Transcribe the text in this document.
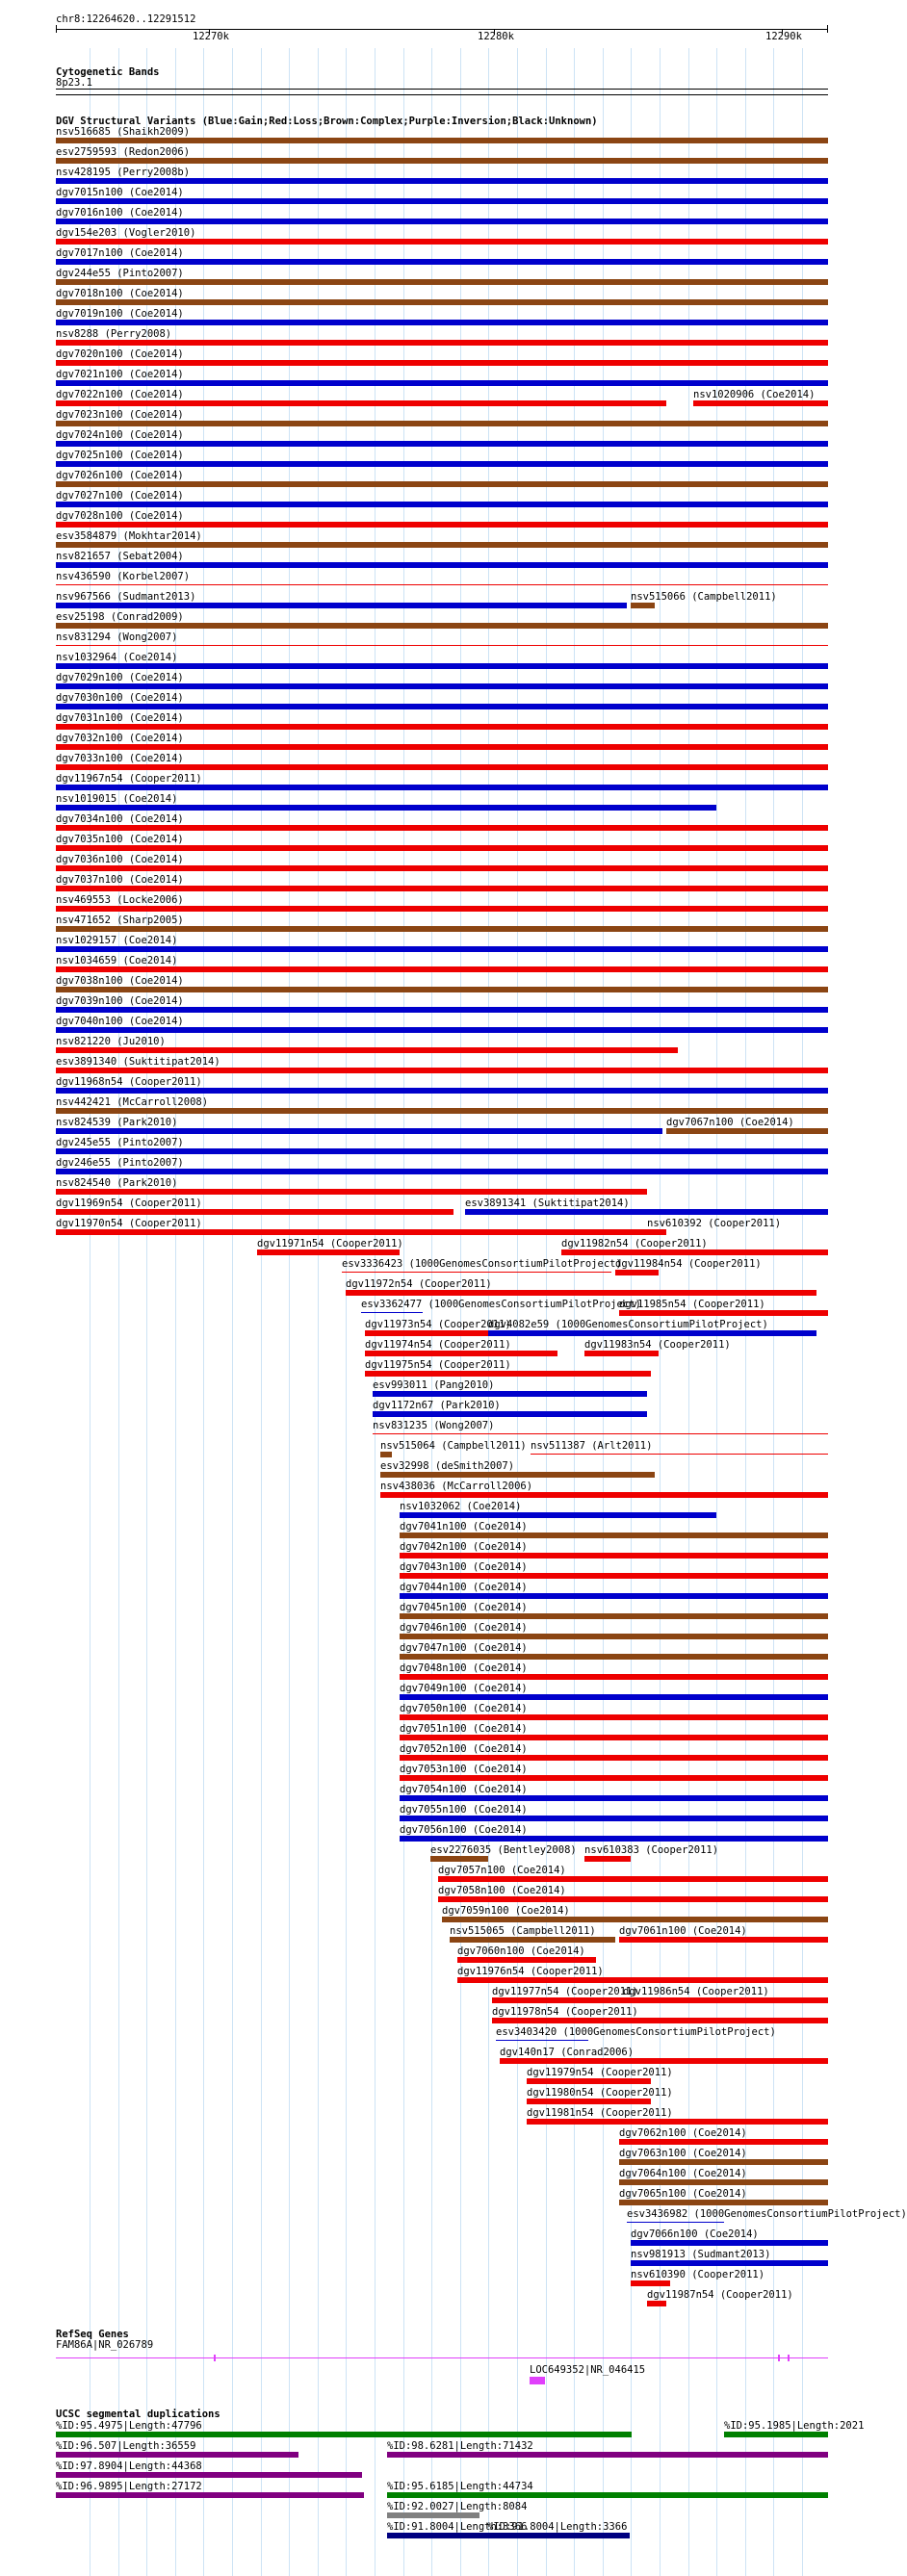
chr8:12264620..12291512
12270k	12280k	12290k
Cytogenetic Bands
8p23.1
DGV Structural Variants (Blue:Gain;Red:Loss;Brown:Complex;Purple:Inversion;Black:Unknown)
nsv516685 (Shaikh2009)
esv2759593 (Redon2006)
nsv428195 (Perry2008b)
dgv7015n100 (Coe2014)
dgv7016n100 (Coe2014)
dgv154e203 (Vogler2010)
dgv7017n100 (Coe2014)
dgv244e55 (Pinto2007)
dgv7018n100 (Coe2014)
dgv7019n100 (Coe2014)
nsv8288 (Perry2008)
dgv7020n100 (Coe2014)
dgv7021n100 (Coe2014)
dgv7022n100 (Coe2014)	nsv1020906 (Coe2014)
dgv7023n100 (Coe2014)
dgv7024n100 (Coe2014)
dgv7025n100 (Coe2014)
dgv7026n100 (Coe2014)
dgv7027n100 (Coe2014)
dgv7028n100 (Coe2014)
esv3584879 (Mokhtar2014)
nsv821657 (Sebat2004)
nsv436590 (Korbel2007)
nsv967566 (Sudmant2013)	nsv515066 (Campbell2011)
esv25198 (Conrad2009)
nsv831294 (Wong2007)
nsv1032964 (Coe2014)
dgv7029n100 (Coe2014)
dgv7030n100 (Coe2014)
dgv7031n100 (Coe2014)
dgv7032n100 (Coe2014)
dgv7033n100 (Coe2014)
dgv11967n54 (Cooper2011)
nsv1019015 (Coe2014)
dgv7034n100 (Coe2014)
dgv7035n100 (Coe2014)
dgv7036n100 (Coe2014)
dgv7037n100 (Coe2014)
nsv469553 (Locke2006)
nsv471652 (Sharp2005)
nsv1029157 (Coe2014)
nsv1034659 (Coe2014)
dgv7038n100 (Coe2014)
dgv7039n100 (Coe2014)
dgv7040n100 (Coe2014)
nsv821220 (Ju2010)
esv3891340 (Suktitipat2014)
dgv11968n54 (Cooper2011)
nsv442421 (McCarroll2008)
nsv824539 (Park2010)	dgv7067n100 (Coe2014)
dgv245e55 (Pinto2007)
dgv246e55 (Pinto2007)
nsv824540 (Park2010)
dgv11969n54 (Cooper2011)	esv3891341 (Suktitipat2014)
dgv11970n54 (Cooper2011)	nsv610392 (Cooper2011)
dgv11971n54 (Cooper2011)	dgv11982n54 (Cooper2011)
esv3336423 (1000GenomesConsortiumPilotProject)
dgv11984n54 (Cooper2011)
dgv11972n54 (Cooper2011)
esv3362477 (1000GenomesConsortiumPilotProject)
dgv11985n54 (Cooper2011)
dgv11973n54 (Cooper2011)
dgv4082e59 (1000GenomesConsortiumPilotProject)
dgv11974n54 (Cooper2011)	dgv11983n54 (Cooper2011)
dgv11975n54 (Cooper2011)
esv993011 (Pang2010)
dgv1172n67 (Park2010)
nsv831235 (Wong2007)
nsv515064 (Campbell2011) nsv511387 (Arlt2011)
esv32998 (deSmith2007)
nsv438036 (McCarroll2006)
nsv1032062 (Coe2014)
dgv7041n100 (Coe2014)
dgv7042n100 (Coe2014)
dgv7043n100 (Coe2014)
dgv7044n100 (Coe2014)
dgv7045n100 (Coe2014)
dgv7046n100 (Coe2014)
dgv7047n100 (Coe2014)
dgv7048n100 (Coe2014)
dgv7049n100 (Coe2014)
dgv7050n100 (Coe2014)
dgv7051n100 (Coe2014)
dgv7052n100 (Coe2014)
dgv7053n100 (Coe2014)
dgv7054n100 (Coe2014)
dgv7055n100 (Coe2014)
dgv7056n100 (Coe2014)
esv2276035 (Bentley2008) nsv610383 (Cooper2011)
dgv7057n100 (Coe2014)
dgv7058n100 (Coe2014)
dgv7059n100 (Coe2014)
nsv515065 (Campbell2011) dgv7061n100 (Coe2014)
dgv7060n100 (Coe2014)
dgv11976n54 (Cooper2011)
dgv11977n54 (Cooper2011)
dgv11986n54 (Cooper2011)
dgv11978n54 (Cooper2011)
esv3403420 (1000GenomesConsortiumPilotProject)
dgv140n17 (Conrad2006)
dgv11979n54 (Cooper2011)
dgv11980n54 (Cooper2011)
dgv11981n54 (Cooper2011)
dgv7062n100 (Coe2014)
dgv7063n100 (Coe2014)
dgv7064n100 (Coe2014)
dgv7065n100 (Coe2014)
esv3436982 (1000GenomesConsortiumPilotProject)
dgv7066n100 (Coe2014)
nsv981913 (Sudmant2013)
nsv610390 (Cooper2011)
dgv11987n54 (Cooper2011)
RefSeq Genes
FAM86A|NR_026789
LOC649352|NR_046415
UCSC segmental duplications
%ID:95.4975|Length:47796	%ID:95.1985|Length:2021
%ID:96.507|Length:36559	%ID:98.6281|Length:71432
%ID:97.8904|Length:44368
%ID:96.9895|Length:27172	%ID:95.6185|Length:44734
%ID:92.0027|Length:8084
%ID:91.8004|Length:3366
%ID:91.8004|Length:3366
